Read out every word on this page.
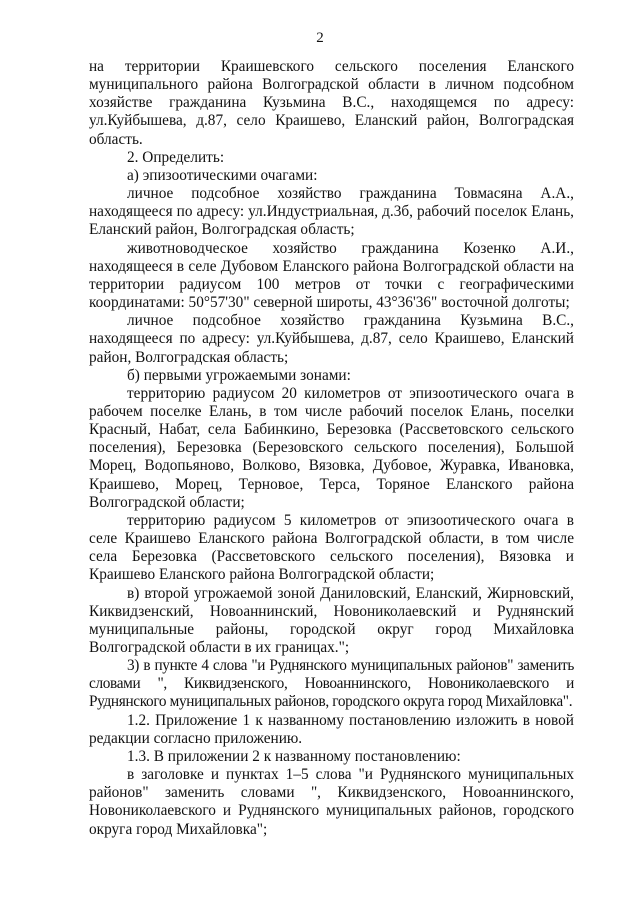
2

на территории Краишевского сельского поселения Еланского муниципального района Волгоградской области в личном подсобном хозяйстве гражданина Кузьмина В.С., находящемся по адресу: ул.Куйбышева, д.87, село Краишево, Еланский район, Волгоградская область.

2. Определить:

а) эпизоотическими очагами:

личное подсобное хозяйство гражданина Товмасяна А.А., находящееся по адресу: ул.Индустриальная, д.3б, рабочий поселок Елань, Еланский район, Волгоградская область;

животноводческое хозяйство гражданина Козенко А.И., находящееся в селе Дубовом Еланского района Волгоградской области на территории радиусом 100 метров от точки с географическими координатами: 50°57'30" северной широты, 43°36'36" восточной долготы;

личное подсобное хозяйство гражданина Кузьмина В.С., находящееся по адресу: ул.Куйбышева, д.87, село Краишево, Еланский район, Волгоградская область;

б) первыми угрожаемыми зонами:

территорию радиусом 20 километров от эпизоотического очага в рабочем поселке Елань, в том числе рабочий поселок Елань, поселки Красный, Набат, села Бабинкино, Березовка (Рассветовского сельского поселения), Березовка (Березовского сельского поселения), Большой Морец, Водопьяново, Волково, Вязовка, Дубовое, Журавка, Ивановка, Краишево, Морец, Терновое, Терса, Торяное Еланского района Волгоградской области;

территорию радиусом 5 километров от эпизоотического очага в селе Краишево Еланского района Волгоградской области, в том числе села Березовка (Рассветовского сельского поселения), Вязовка и Краишево Еланского района Волгоградской области;

в) второй угрожаемой зоной Даниловский, Еланский, Жирновский, Киквидзенский, Новоаннинский, Новониколаевский и Руднянский муниципальные районы, городской округ город Михайловка Волгоградской области в их границах.";

3) в пункте 4 слова "и Руднянского муниципальных районов" заменить словами ", Киквидзенского, Новоаннинского, Новониколаевского и Руднянского муниципальных районов, городского округа город Михайловка".

1.2. Приложение 1 к названному постановлению изложить в новой редакции согласно приложению.

1.3. В приложении 2 к названному постановлению:

в заголовке и пунктах 1–5 слова "и Руднянского муниципальных районов" заменить словами ", Киквидзенского, Новоаннинского, Новониколаевского и Руднянского муниципальных районов, городского округа город Михайловка";
